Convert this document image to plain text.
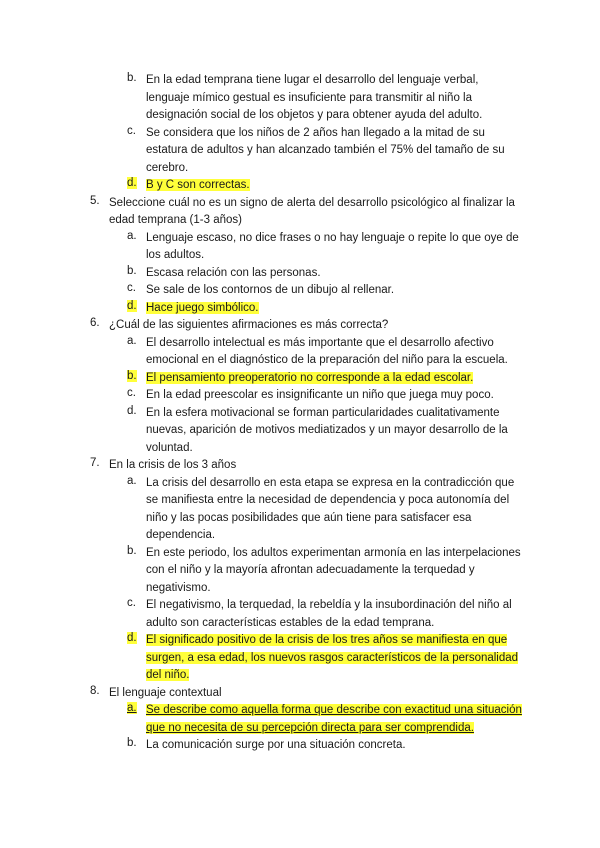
b. En la edad temprana tiene lugar el desarrollo del lenguaje verbal,
lenguaje mímico gestual es insuficiente para transmitir al niño la
designación social de los objetos y para obtener ayuda del adulto.
c. Se considera que los niños de 2 años han llegado a la mitad de su
estatura de adultos y han alcanzado también el 75% del tamaño de su
cerebro.
d. B y C son correctas.
5. Seleccione cuál no es un signo de alerta del desarrollo psicológico al finalizar la
edad temprana (1-3 años)
a. Lenguaje escaso, no dice frases o no hay lenguaje o repite lo que oye de
los adultos.
b. Escasa relación con las personas.
c. Se sale de los contornos de un dibujo al rellenar.
d. Hace juego simbólico.
6. ¿Cuál de las siguientes afirmaciones es más correcta?
a. El desarrollo intelectual es más importante que el desarrollo afectivo
emocional en el diagnóstico de la preparación del niño para la escuela.
b. El pensamiento preoperatorio no corresponde a la edad escolar.
c. En la edad preescolar es insignificante un niño que juega muy poco.
d. En la esfera motivacional se forman particularidades cualitativamente
nuevas, aparición de motivos mediatizados y un mayor desarrollo de la
voluntad.
7. En la crisis de los 3 años
a. La crisis del desarrollo en esta etapa se expresa en la contradicción que
se manifiesta entre la necesidad de dependencia y poca autonomía del
niño y las pocas posibilidades que aún tiene para satisfacer esa
dependencia.
b. En este periodo, los adultos experimentan armonía en las interpelaciones
con el niño y la mayoría afrontan adecuadamente la terquedad y
negativismo.
c. El negativismo, la terquedad, la rebeldía y la insubordinación del niño al
adulto son características estables de la edad temprana.
d. El significado positivo de la crisis de los tres años se manifiesta en que
surgen, a esa edad, los nuevos rasgos característicos de la personalidad
del niño.
8. El lenguaje contextual
a. Se describe como aquella forma que describe con exactitud una situación
que no necesita de su percepción directa para ser comprendida.
b. La comunicación surge por una situación concreta.
